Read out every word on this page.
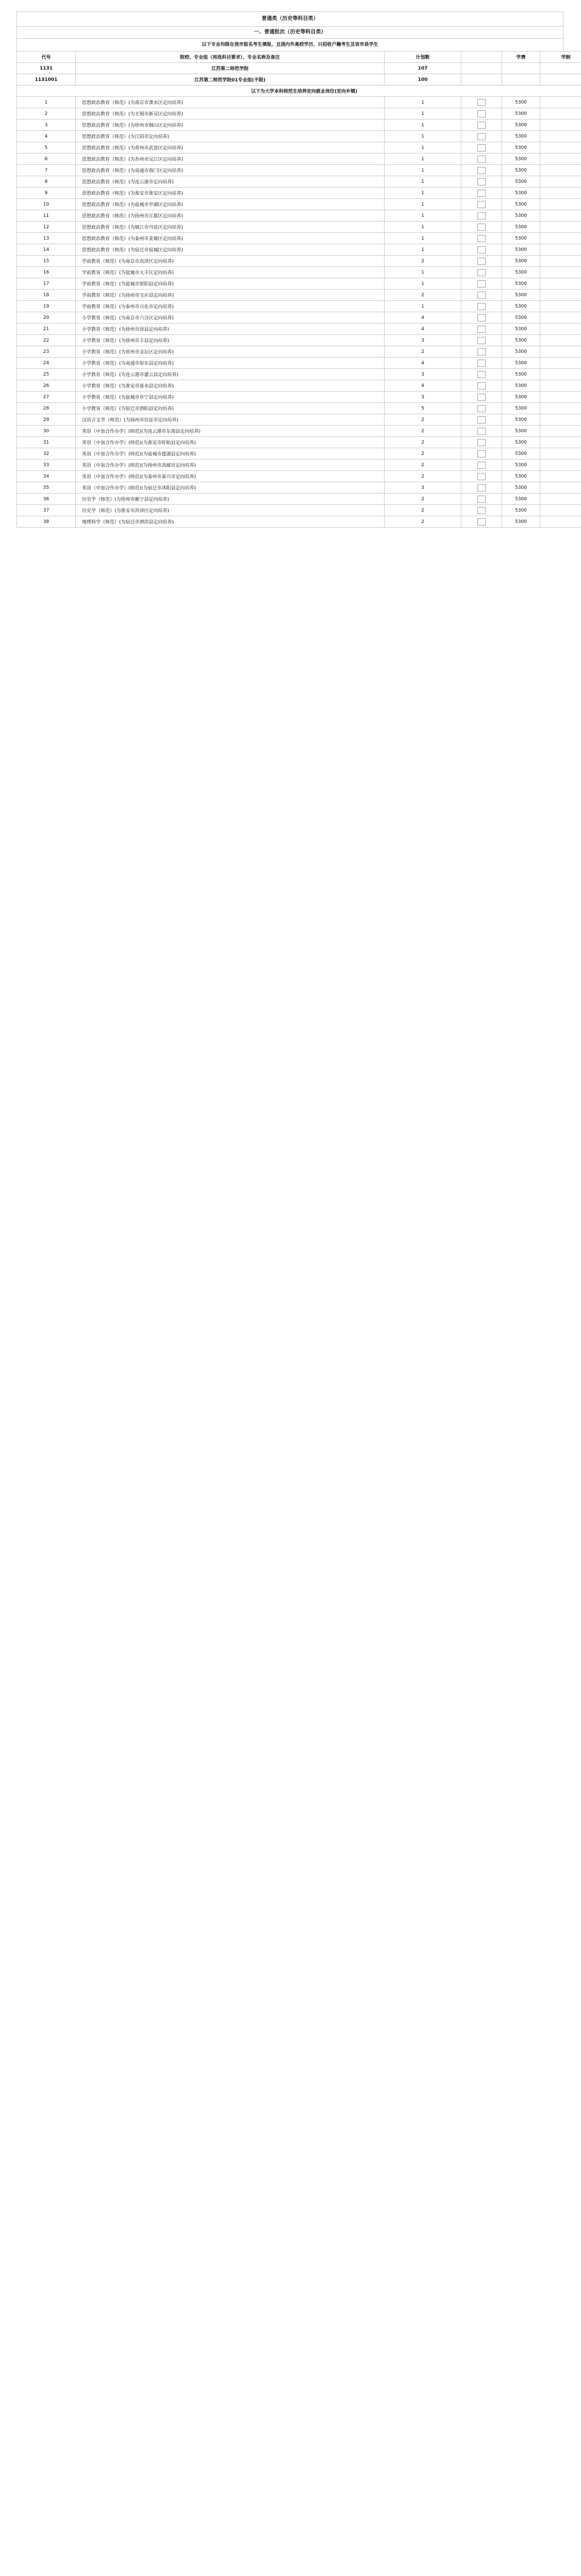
普通类（历史等科目类）
一、普通批次（历史等科目类）
以下专业均限在我市报名考生填报，且国内外高校学历，只招收户籍考生及该市县学生
代号	院校、专业组（再选科目要求）、专业名称及备注	计划数		学费	学制
1131	江苏第二师范学院	107			
1131001	江苏第二师范学院01专业组(不限)	100			
以下为大学本科师范生培养定向就业岗位(定向乡镇)					
1	思想政治教育（师范）(为南京市溧水区定向培养)	1		5300	
2	思想政治教育（师范）(为无锡市新吴区定向培养)	1		5300	
3	思想政治教育（师范）(为徐州市铜山区定向培养)	1		5300	
4	思想政治教育（师范）(为江阴市定向培养)	1		5300	
5	思想政治教育（师范）(为常州市武进区定向培养)	1		5300	
6	思想政治教育（师范）(为苏州市吴江区定向培养)	1		5300	
7	思想政治教育（师范）(为南通市海门区定向培养)	1		5300	
8	思想政治教育（师范）(为连云港市定向培养)	1		5300	
9	思想政治教育（师范）(为淮安市淮安区定向培养)	1		5300	
10	思想政治教育（师范）(为盐城市亭湖区定向培养)	1		5300	
11	思想政治教育（师范）(为扬州市江都区定向培养)	1		5300	
12	思想政治教育（师范）(为镇江市丹徒区定向培养)	1		5300	
13	思想政治教育（师范）(为泰州市姜堰区定向培养)	1		5300	
14	思想政治教育（师范）(为宿迁市宿城区定向培养)	1		5300	
15	学前教育（师范）(为南京市高淳区定向培养)	2		5300	
16	学前教育（师范）(为盐城市大丰区定向培养)	1		5300	
17	学前教育（师范）(为盐城市射阳县定向培养)	1		5300	
18	学前教育（师范）(为扬州市宝应县定向培养)	2		5300	
19	学前教育（师范）(为泰州市兴化市定向培养)	1		5300	
20	小学教育（师范）(为南京市六合区定向培养)	4		5300	
21	小学教育（师范）(为徐州市沛县定向培养)	4		5300	
22	小学教育（师范）(为徐州市丰县定向培养)	3		5300	
23	小学教育（师范）(为常州市金坛区定向培养)	2		5300	
24	小学教育（师范）(为南通市如东县定向培养)	4		5300	
25	小学教育（师范）(为连云港市灌云县定向培养)	3		5300	
26	小学教育（师范）(为淮安市涟水县定向培养)	4		5300	
27	小学教育（师范）(为盐城市阜宁县定向培养)	3		5300	
28	小学教育（师范）(为宿迁市泗阳县定向培养)	5		5300	
29	汉语言文学（师范）(为扬州市仪征市定向培养)	2		5300	
30	英语（中加合作办学）(师范)(为连云港市东海县定向培养)	2		5300	
31	英语（中加合作办学）(师范)(为淮安市盱眙县定向培养)	2		5300	
32	英语（中加合作办学）(师范)(为盐城市建湖县定向培养)	2		5300	
33	英语（中加合作办学）(师范)(为扬州市高邮市定向培养)	2		5300	
34	英语（中加合作办学）(师范)(为泰州市泰兴市定向培养)	2		5300	
35	英语（中加合作办学）(师范)(为宿迁市沭阳县定向培养)	3		5300	
36	历史学（师范）(为徐州市睢宁县定向培养)	2		5300	
37	历史学（师范）(为淮安市洪泽区定向培养)	2		5300	
38	地理科学（师范）(为宿迁市泗洪县定向培养)	2		5300	
